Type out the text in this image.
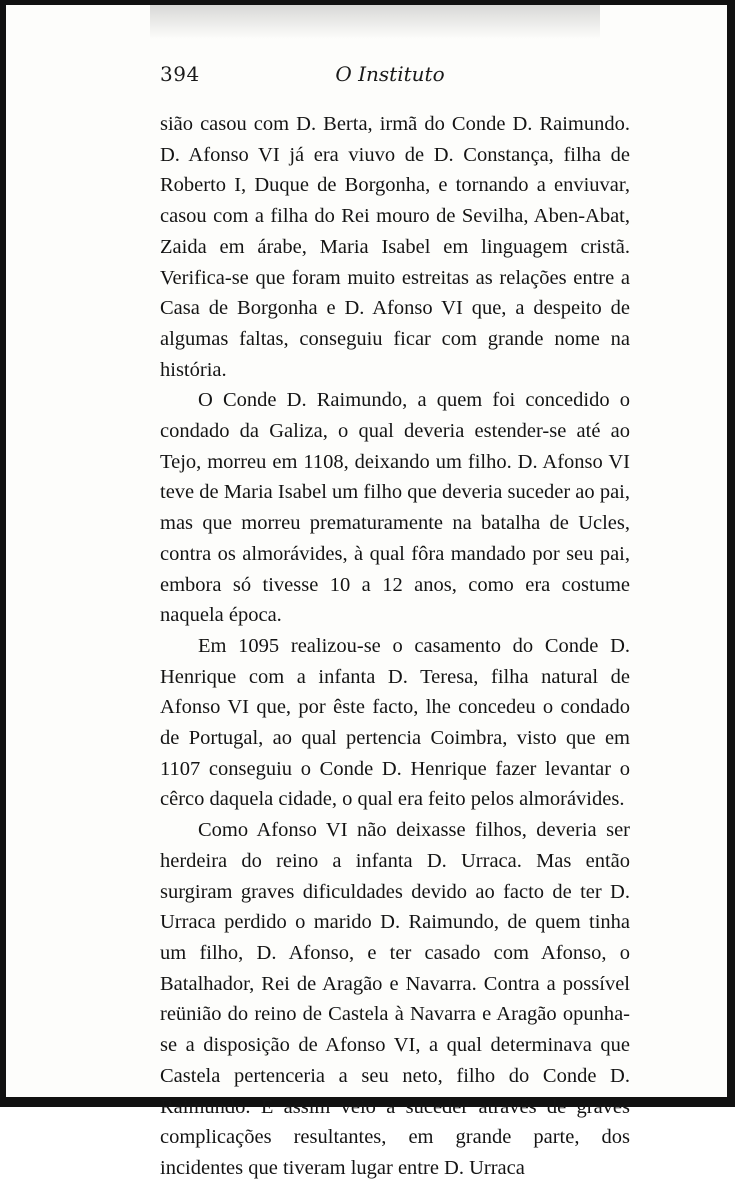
394	O Instituto

sião casou com D. Berta, irmã do Conde D. Raimundo. D. Afonso VI já era viuvo de D. Constança, filha de Roberto I, Duque de Borgonha, e tornando a enviuvar, casou com a filha do Rei mouro de Sevilha, Aben-Abat, Zaida em árabe, Maria Isabel em linguagem cristã. Verifica-se que foram muito estreitas as relações entre a Casa de Borgonha e D. Afonso VI que, a despeito de algumas faltas, conseguiu ficar com grande nome na história.

O Conde D. Raimundo, a quem foi concedido o condado da Galiza, o qual deveria estender-se até ao Tejo, morreu em 1108, deixando um filho. D. Afonso VI teve de Maria Isabel um filho que deveria suceder ao pai, mas que morreu prematuramente na batalha de Ucles, contra os almorávides, à qual fôra mandado por seu pai, embora só tivesse 10 a 12 anos, como era costume naquela época.

Em 1095 realizou-se o casamento do Conde D. Henrique com a infanta D. Teresa, filha natural de Afonso VI que, por êste facto, lhe concedeu o condado de Portugal, ao qual pertencia Coimbra, visto que em 1107 conseguiu o Conde D. Henrique fazer levantar o cêrco daquela cidade, o qual era feito pelos almorávides.

Como Afonso VI não deixasse filhos, deveria ser herdeira do reino a infanta D. Urraca. Mas então surgiram graves dificuldades devido ao facto de ter D. Urraca perdido o marido D. Raimundo, de quem tinha um filho, D. Afonso, e ter casado com Afonso, o Batalhador, Rei de Aragão e Navarra. Contra a possível reünião do reino de Castela à Navarra e Aragão opunha-se a disposição de Afonso VI, a qual determinava que Castela pertenceria a seu neto, filho do Conde D. Raimundo. E assim veio a suceder através de graves complicações resultantes, em grande parte, dos incidentes que tiveram lugar entre D. Urraca
